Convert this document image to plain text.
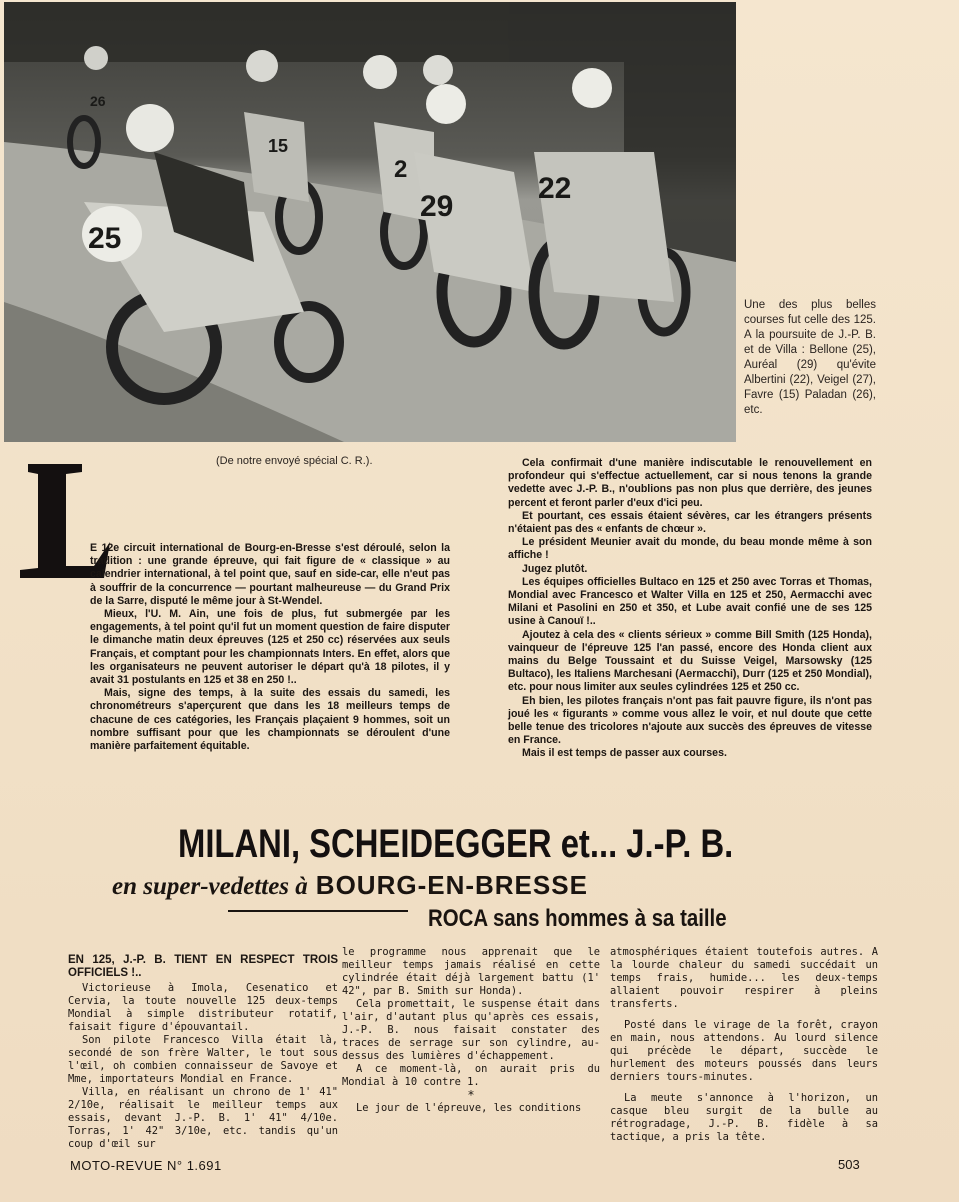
25
15
2
29
22
26
Une des plus belles courses fut celle des 125. A la poursuite de J.-P. B. et de Villa : Bellone (25), Auréal (29) qu'évite Albertini (22), Veigel (27), Favre (15) Paladan (26), etc.
(De notre envoyé spécial C. R.).

E 12e circuit international de Bourg-en-Bresse s'est déroulé, selon la tradition : une grande épreuve, qui fait figure de « classique » au calendrier international, à tel point que, sauf en side-car, elle n'eut pas à souffrir de la concurrence — pourtant malheureuse — du Grand Prix de la Sarre, disputé le même jour à St-Wendel.

Mieux, l'U. M. Ain, une fois de plus, fut submergée par les engagements, à tel point qu'il fut un moment question de faire disputer le dimanche matin deux épreuves (125 et 250 cc) réservées aux seuls Français, et comptant pour les championnats Inters. En effet, alors que les organisateurs ne peuvent autoriser le départ qu'à 18 pilotes, il y avait 31 postulants en 125 et 38 en 250 !..

Mais, signe des temps, à la suite des essais du samedi, les chronométreurs s'aperçurent que dans les 18 meilleurs temps de chacune de ces catégories, les Français plaçaient 9 hommes, soit un nombre suffisant pour que les championnats se déroulent d'une manière parfaitement équitable.

Cela confirmait d'une manière indiscutable le renouvellement en profondeur qui s'effectue actuellement, car si nous tenons la grande vedette avec J.-P. B., n'oublions pas non plus que derrière, des jeunes percent et feront parler d'eux d'ici peu.

Et pourtant, ces essais étaient sévères, car les étrangers présents n'étaient pas des « enfants de chœur ».

Le président Meunier avait du monde, du beau monde même à son affiche !

Jugez plutôt.

Les équipes officielles Bultaco en 125 et 250 avec Torras et Thomas, Mondial avec Francesco et Walter Villa en 125 et 250, Aermacchi avec Milani et Pasolini en 250 et 350, et Lube avait confié une de ses 125 usine à Canouï !..

Ajoutez à cela des « clients sérieux » comme Bill Smith (125 Honda), vainqueur de l'épreuve 125 l'an passé, encore des Honda client aux mains du Belge Toussaint et du Suisse Veigel, Marsowsky (125 Bultaco), les Italiens Marchesani (Aermacchi), Durr (125 et 250 Mondial), etc. pour nous limiter aux seules cylindrées 125 et 250 cc.

Eh bien, les pilotes français n'ont pas fait pauvre figure, ils n'ont pas joué les « figurants » comme vous allez le voir, et nul doute que cette belle tenue des tricolores n'ajoute aux succès des épreuves de vitesse en France.

Mais il est temps de passer aux courses.

MILANI, SCHEIDEGGER et... J.-P. B.
en super-vedettes à BOURG-EN-BRESSE
ROCA sans hommes à sa taille
EN 125, J.-P. B. TIENT EN RESPECT TROIS OFFICIELS !..

Victorieuse à Imola, Cesenatico et Cervia, la toute nouvelle 125 deux-temps Mondial à simple distributeur rotatif, faisait figure d'épouvantail.

Son pilote Francesco Villa était là, secondé de son frère Walter, le tout sous l'œil, oh combien connaisseur de Savoye et Mme, importateurs Mondial en France.

Villa, en réalisant un chrono de 1' 41" 2/10e, réalisait le meilleur temps aux essais, devant J.-P. B. 1' 41" 4/10e. Torras, 1' 42" 3/10e, etc. tandis qu'un coup d'œil sur

le programme nous apprenait que le meilleur temps jamais réalisé en cette cylindrée était déjà largement battu (1' 42", par B. Smith sur Honda).

Cela promettait, le suspense était dans l'air, d'autant plus qu'après ces essais, J.-P. B. nous faisait constater des traces de serrage sur son cylindre, au-dessus des lumières d'échappement.

A ce moment-là, on aurait pris du Mondial à 10 contre 1.

*

Le jour de l'épreuve, les conditions

atmosphériques étaient toutefois autres. A la lourde chaleur du samedi succédait un temps frais, humide... les deux-temps allaient pouvoir respirer à pleins transferts.

Posté dans le virage de la forêt, crayon en main, nous attendons. Au lourd silence qui précède le départ, succède le hurlement des moteurs poussés dans leurs derniers tours-minutes.

La meute s'annonce à l'horizon, un casque bleu surgit de la bulle au rétrogradage, J.-P. B. fidèle à sa tactique, a pris la tête.

MOTO-REVUE N° 1.691	503
